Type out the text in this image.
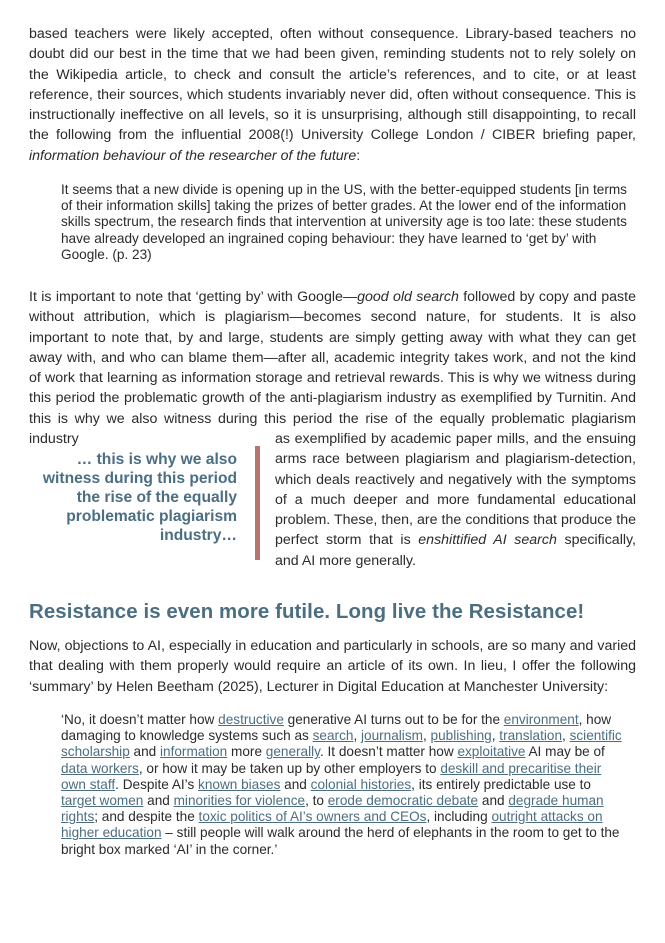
based teachers were likely accepted, often without consequence. Library-based teachers no doubt did our best in the time that we had been given, reminding students not to rely solely on the Wikipedia article, to check and consult the article’s references, and to cite, or at least reference, their sources, which students invariably never did, often without consequence. This is instructionally ineffective on all levels, so it is unsurprising, although still disappointing, to recall the following from the influential 2008(!) University College London / CIBER briefing paper, information behaviour of the researcher of the future:

It seems that a new divide is opening up in the US, with the better-equipped students [in terms of their information skills] taking the prizes of better grades. At the lower end of the information skills spectrum, the research finds that intervention at university age is too late: these students have already developed an ingrained coping behaviour: they have learned to ‘get by’ with Google. (p. 23)

It is important to note that ‘getting by’ with Google—good old search followed by copy and paste without attribution, which is plagiarism—becomes second nature, for students. It is also important to note that, by and large, students are simply getting away with what they can get away with, and who can blame them—after all, academic integrity takes work, and not the kind of work that learning as information storage and retrieval rewards. This is why we witness during this period the problematic growth of the anti-plagiarism industry as exemplified by Turnitin. And this is why we also witness during this period the rise of the equally problematic plagiarism industry

… this is why we also witness during this period the rise of the equally problematic plagiarism industry…

as exemplified by academic paper mills, and the ensuing arms race between plagiarism and plagiarism-detection, which deals reactively and negatively with the symptoms of a much deeper and more fundamental educational problem. These, then, are the conditions that produce the perfect storm that is enshittified AI search specifically, and AI more generally.

Resistance is even more futile. Long live the Resistance!

Now, objections to AI, especially in education and particularly in schools, are so many and varied that dealing with them properly would require an article of its own. In lieu, I offer the following ‘summary’ by Helen Beetham (2025), Lecturer in Digital Education at Manchester University:

‘No, it doesn’t matter how destructive generative AI turns out to be for the environment, how damaging to knowledge systems such as search, journalism, publishing, translation, scientific scholarship and information more generally. It doesn’t matter how exploitative AI may be of data workers, or how it may be taken up by other employers to deskill and precaritise their own staff. Despite AI’s known biases and colonial histories, its entirely predictable use to target women and minorities for violence, to erode democratic debate and degrade human rights; and despite the toxic politics of AI’s owners and CEOs, including outright attacks on higher education – still people will walk around the herd of elephants in the room to get to the bright box marked ‘AI’ in the corner.’
